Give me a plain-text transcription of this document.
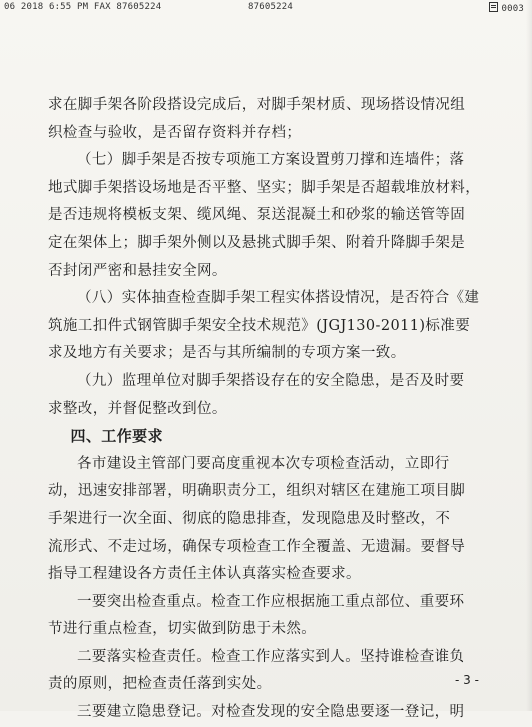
06 2018 6:55 PM FAX 87605224	87605224	0003
求在脚手架各阶段搭设完成后，对脚手架材质、现场搭设情况组
织检查与验收，是否留存资料并存档；
（七）脚手架是否按专项施工方案设置剪刀撑和连墙件；落
地式脚手架搭设场地是否平整、坚实；脚手架是否超载堆放材料，
是否违规将模板支架、缆风绳、泵送混凝土和砂浆的输送管等固
定在架体上；脚手架外侧以及悬挑式脚手架、附着升降脚手架是
否封闭严密和悬挂安全网。
（八）实体抽查检查脚手架工程实体搭设情况，是否符合《建
筑施工扣件式钢管脚手架安全技术规范》(JGJ130-2011)标准要
求及地方有关要求；是否与其所编制的专项方案一致。
（九）监理单位对脚手架搭设存在的安全隐患，是否及时要
求整改，并督促整改到位。
四、工作要求
各市建设主管部门要高度重视本次专项检查活动，立即行
动，迅速安排部署，明确职责分工，组织对辖区在建施工项目脚
手架进行一次全面、彻底的隐患排查，发现隐患及时整改，不
流形式、不走过场，确保专项检查工作全覆盖、无遗漏。要督导
指导工程建设各方责任主体认真落实检查要求。
一要突出检查重点。检查工作应根据施工重点部位、重要环
节进行重点检查，切实做到防患于未然。
二要落实检查责任。检查工作应落实到人。坚持谁检查谁负
责的原则，把检查责任落到实处。
三要建立隐患登记。对检查发现的安全隐患要逐一登记，明
- 3 -
